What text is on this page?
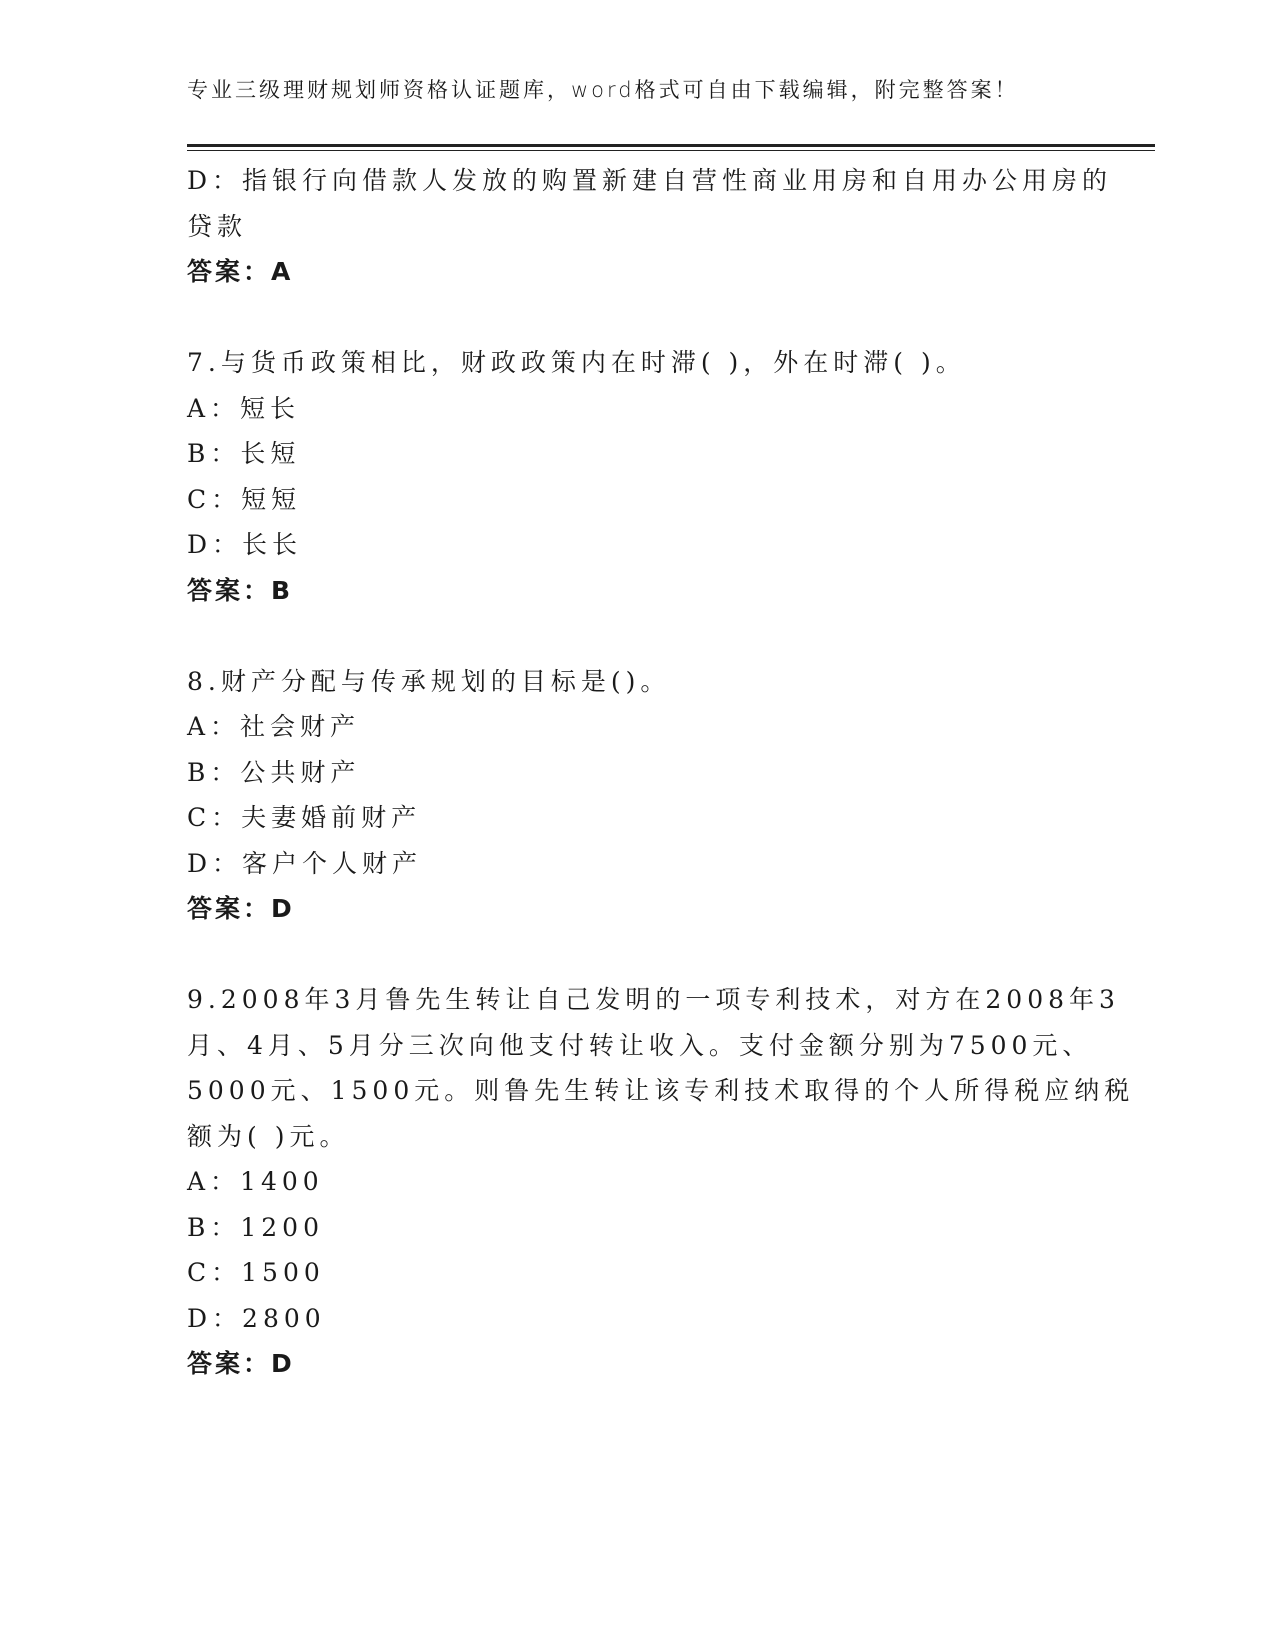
专业三级理财规划师资格认证题库，word格式可自由下载编辑，附完整答案！
D：指银行向借款人发放的购置新建自营性商业用房和自用办公用房的
贷款
答案：A
7.与货币政策相比，财政政策内在时滞( )，外在时滞( )。
A：短长
B：长短
C：短短
D：长长
答案：B
8.财产分配与传承规划的目标是()。
A：社会财产
B：公共财产
C：夫妻婚前财产
D：客户个人财产
答案：D
9.2008年3月鲁先生转让自己发明的一项专利技术，对方在2008年3
月、4月、5月分三次向他支付转让收入。支付金额分别为7500元、
5000元、1500元。则鲁先生转让该专利技术取得的个人所得税应纳税
额为( )元。
A：1400
B：1200
C：1500
D：2800
答案：D
